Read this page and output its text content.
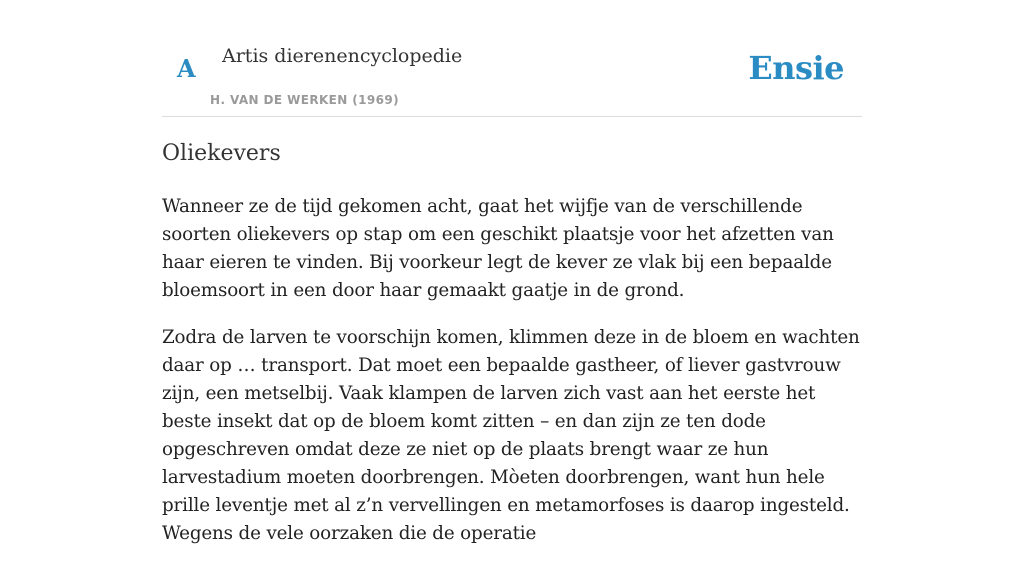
A Artis dierenencyclopedie
H. VAN DE WERKEN (1969)
Ensie
Oliekevers

Wanneer ze de tijd gekomen acht, gaat het wijfje van de verschillende soorten oliekevers op stap om een geschikt plaatsje voor het afzetten van haar eieren te vinden. Bij voorkeur legt de kever ze vlak bij een bepaalde bloemsoort in een door haar gemaakt gaatje in de grond.

Zodra de larven te voorschijn komen, klimmen deze in de bloem en wachten daar op … transport. Dat moet een bepaalde gastheer, of liever gastvrouw zijn, een metselbij. Vaak klampen de larven zich vast aan het eerste het beste insekt dat op de bloem komt zitten – en dan zijn ze ten dode opgeschreven omdat deze ze niet op de plaats brengt waar ze hun larvestadium moeten doorbrengen. Mòeten doorbrengen, want hun hele prille leventje met al z’n vervellingen en metamorfoses is daarop ingesteld. Wegens de vele oorzaken die de operatie
